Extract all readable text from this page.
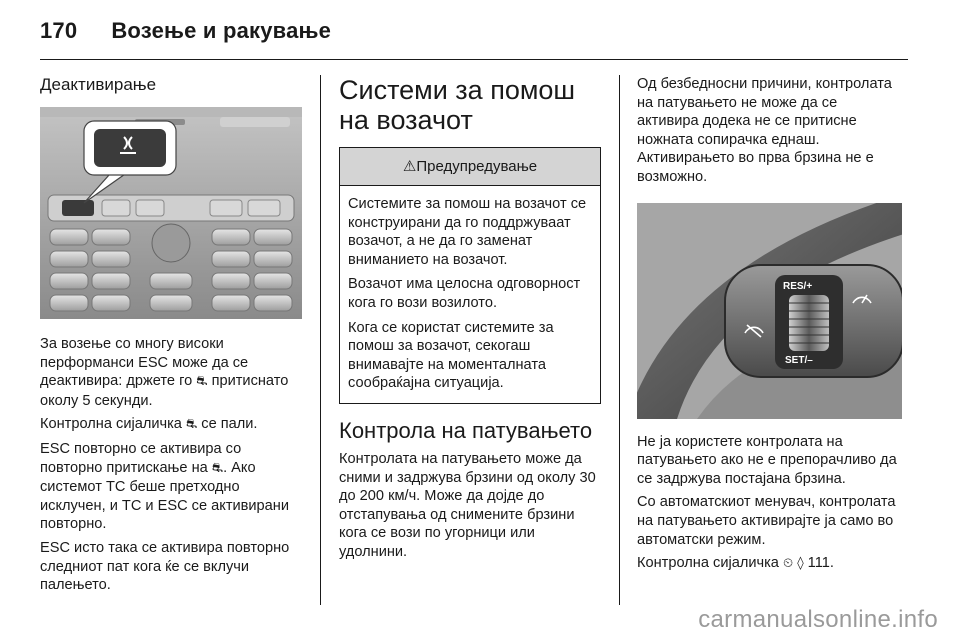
170 Возење и ракување
Деактивирање

За возење со многу високи перформанси ESC може да се деактивира: држете го ⛐ притиснато околу 5 секунди.

Контролна сијаличка ⛐ се пали.

ESC повторно се активира со повторно притискање на ⛐. Ако системот TC беше претходно исклучен, и TC и ESC се активирани повторно.

ESC исто така се активира повторно следниот пат кога ќе се вклучи палењето.

Системи за помош на возачот
⚠Предупредување

Системите за помош на возачот се конструирани да го поддржуваат возачот, а не да го заменат вниманието на возачот.

Возачот има целосна одговорност кога го вози возилото.

Кога се користат системите за помош за возачот, секогаш внимавајте на моменталната сообраќајна ситуација.

Контрола на патувањето

Контролата на патувањето може да сними и задржува брзини од околу 30 до 200 км/ч. Може да дојде до отстапувања од снимените брзини кога се вози по угорници или удолнини.

Од безбедносни причини, контролата на патувањето не може да се активира додека не се притисне ножната сопирачка еднаш. Активирањето во прва брзина не е возможно.

RES/+
SET/–

Не ја користете контролата на патувањето ако не е препорачливо да се задржува постајана брзина.

Со автоматскиот менувач, контролата на патувањето активирајте ја само во автоматски режим.

Контролна сијаличка ⏲ ◊ 111.

carmanualsonline.info
